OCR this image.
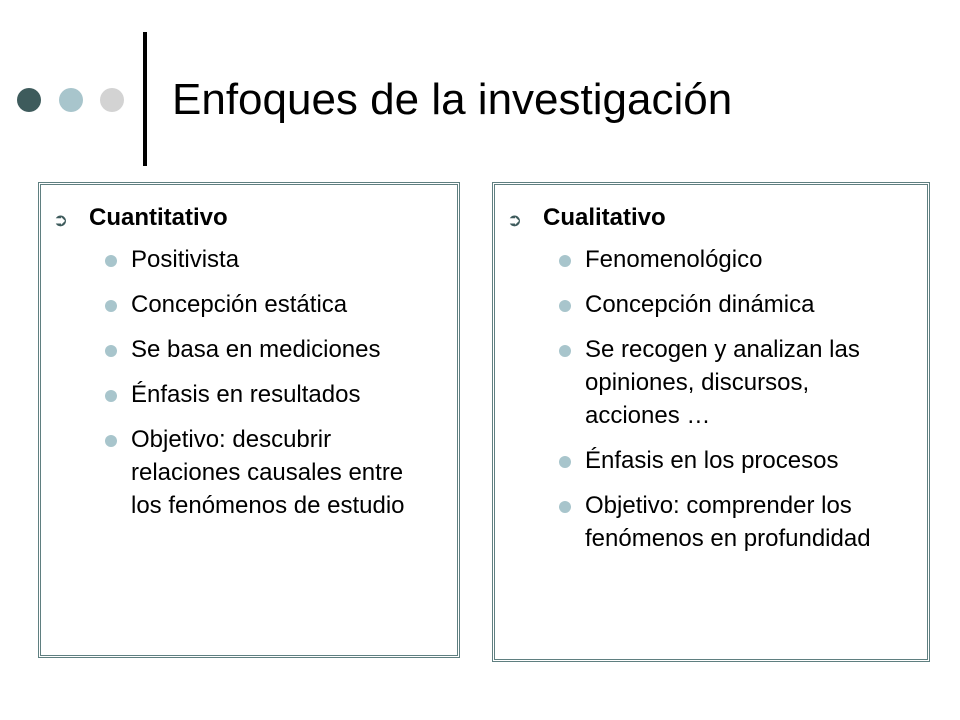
Enfoques de la investigación
➲ Cuantitativo
Positivista
Concepción estática
Se basa en mediciones
Énfasis en resultados
Objetivo: descubrir relaciones causales entre los fenómenos de estudio
➲ Cualitativo
Fenomenológico
Concepción dinámica
Se recogen y analizan las opiniones, discursos, acciones …
Énfasis en los procesos
Objetivo: comprender los fenómenos en profundidad
